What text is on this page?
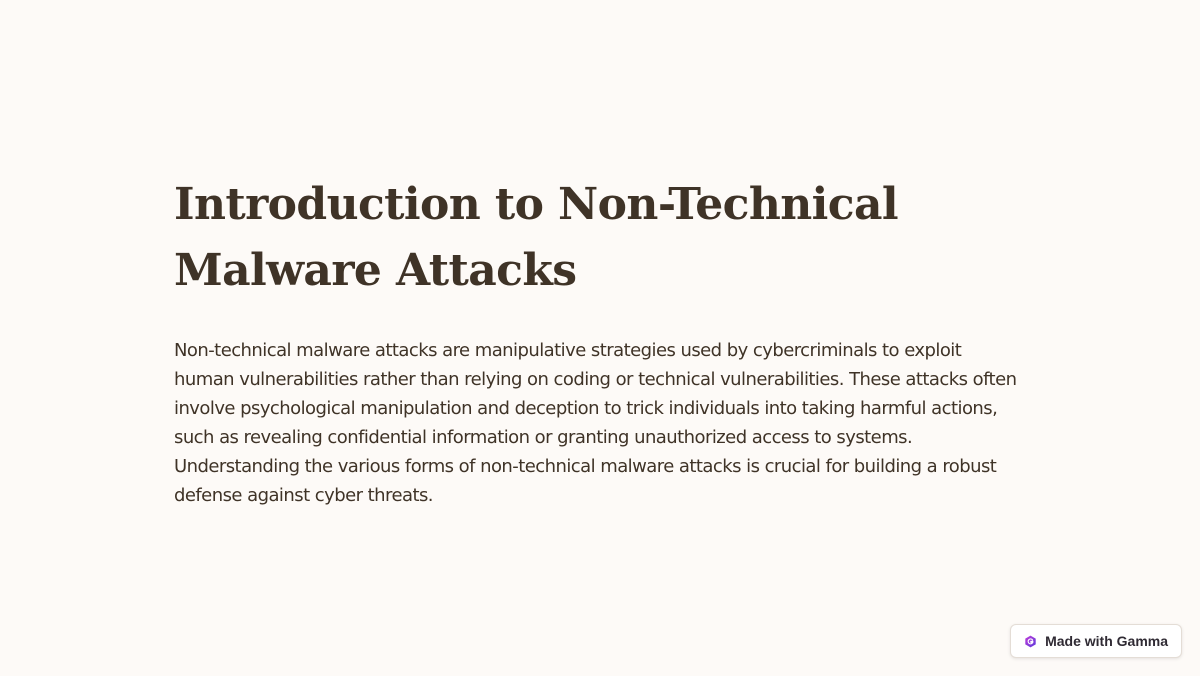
Introduction to Non-Technical Malware Attacks

Non-technical malware attacks are manipulative strategies used by cybercriminals to exploit human vulnerabilities rather than relying on coding or technical vulnerabilities. These attacks often involve psychological manipulation and deception to trick individuals into taking harmful actions, such as revealing confidential information or granting unauthorized access to systems. Understanding the various forms of non-technical malware attacks is crucial for building a robust defense against cyber threats.

Made with Gamma
